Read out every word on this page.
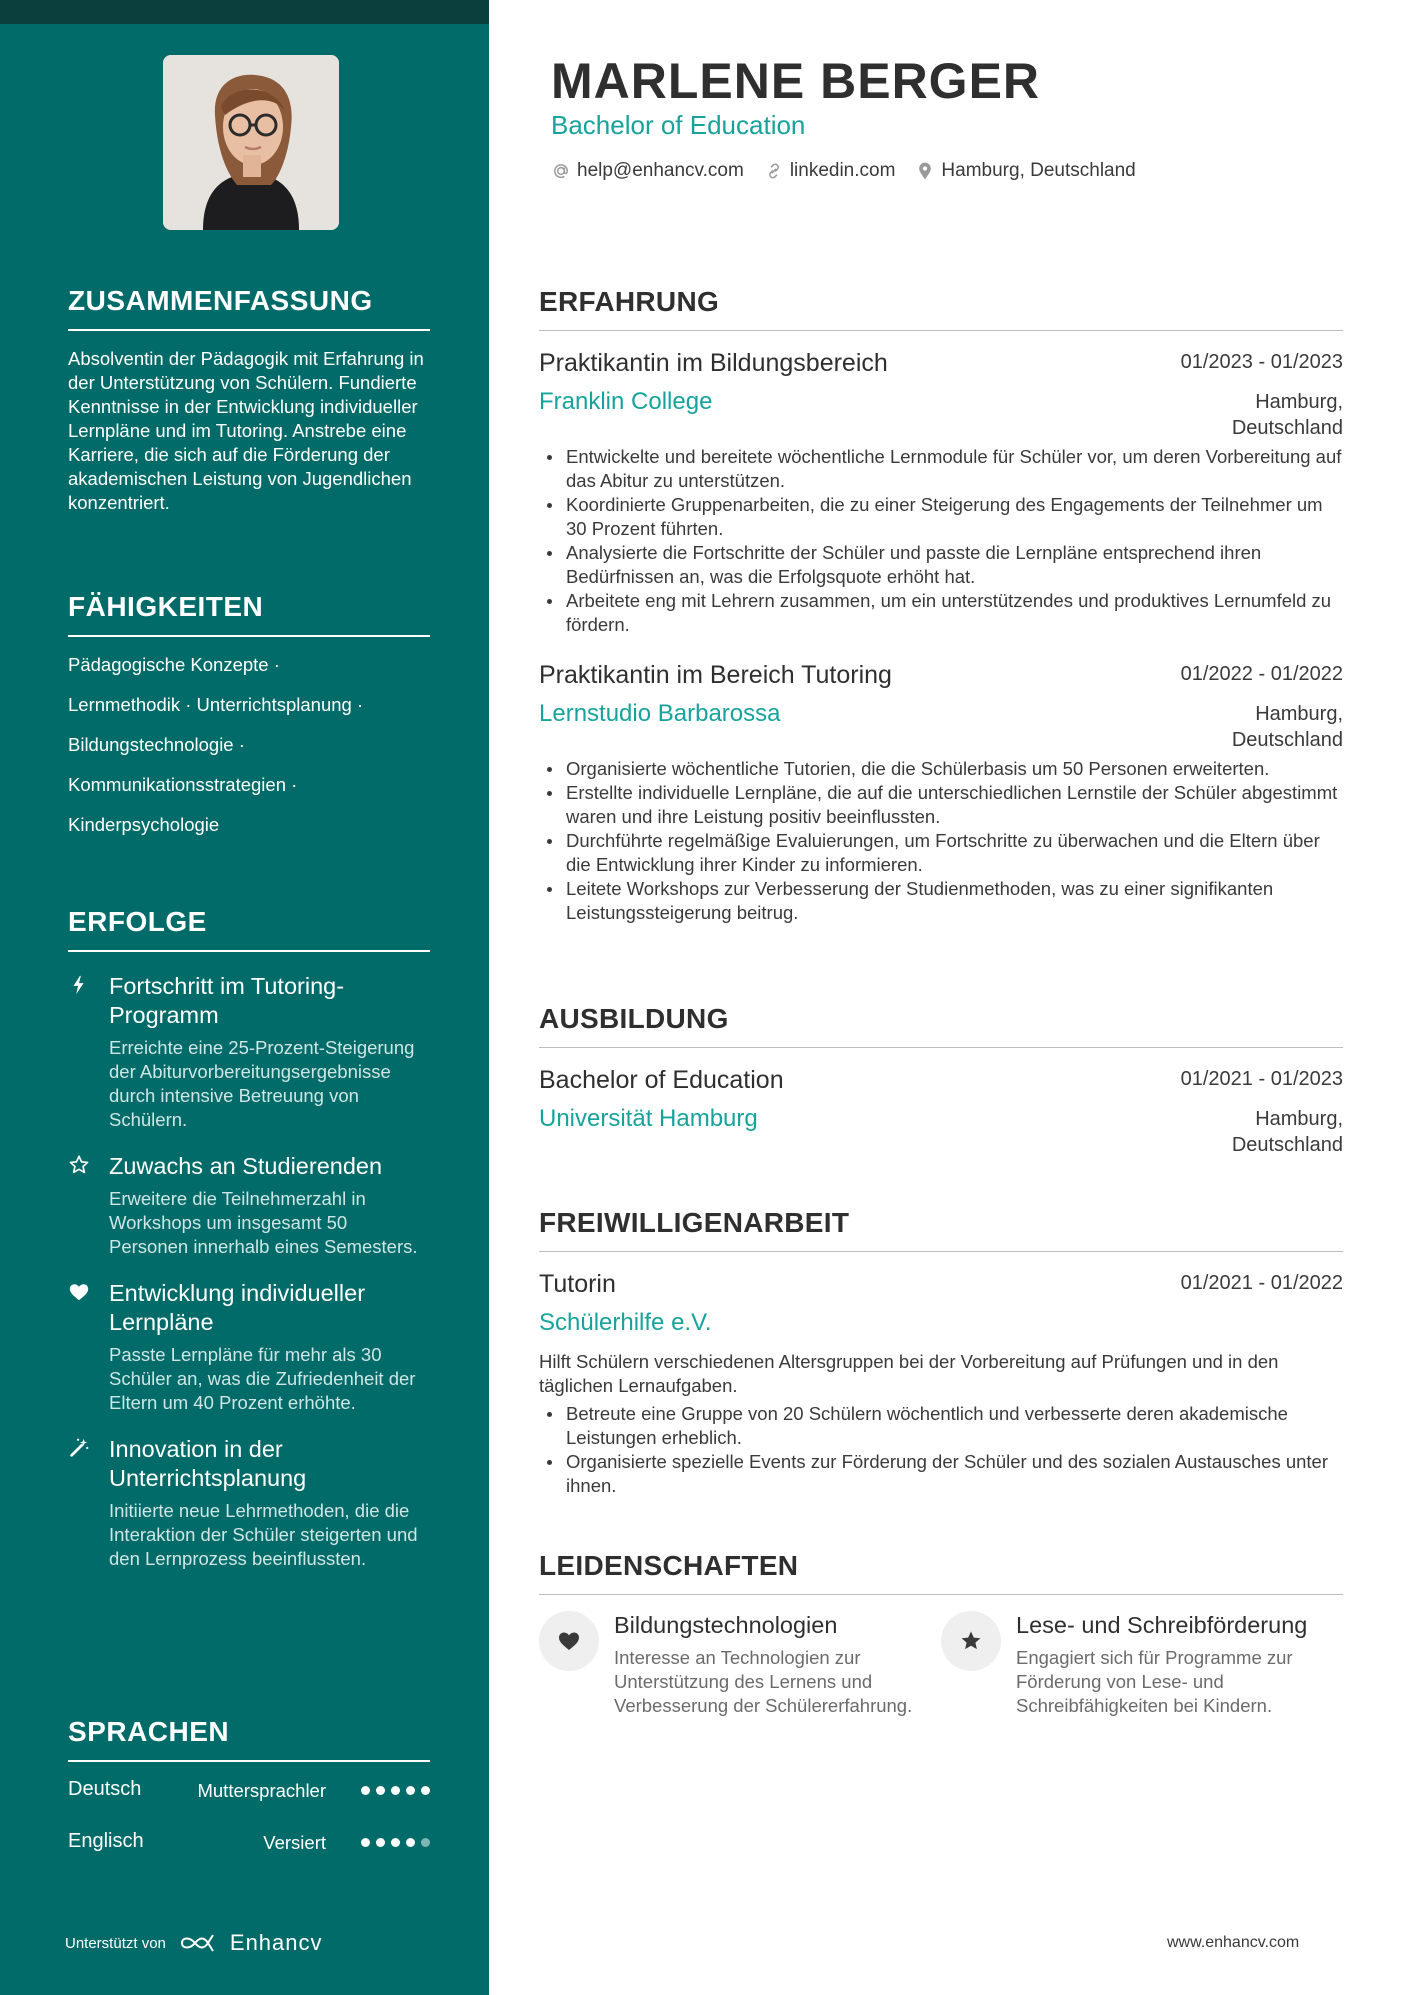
ZUSAMMENFASSUNG

Absolventin der Pädagogik mit Erfahrung in der Unterstützung von Schülern. Fundierte Kenntnisse in der Entwicklung individueller Lernpläne und im Tutoring. Anstrebe eine Karriere, die sich auf die Förderung der akademischen Leistung von Jugendlichen konzentriert.

FÄHIGKEITEN
Pädagogische Konzepte ·
Lernmethodik · Unterrichtsplanung ·
Bildungstechnologie ·
Kommunikationsstrategien ·
Kinderpsychologie
ERFOLGE
Fortschritt im Tutoring-Programm
Erreichte eine 25-Prozent-Steigerung der Abiturvorbereitungsergebnisse durch intensive Betreuung von Schülern.
Zuwachs an Studierenden
Erweitere die Teilnehmerzahl in Workshops um insgesamt 50 Personen innerhalb eines Semesters.
Entwicklung individueller Lernpläne
Passte Lernpläne für mehr als 30 Schüler an, was die Zufriedenheit der Eltern um 40 Prozent erhöhte.
Innovation in der Unterrichtsplanung
Initiierte neue Lehrmethoden, die die Interaktion der Schüler steigerten und den Lernprozess beeinflussten.
SPRACHEN
Deutsch	Muttersprachler
Englisch	Versiert
Unterstützt von	Enhancv
MARLENE BERGER
Bachelor of Education
help@enhancv.com linkedin.com Hamburg, Deutschland
ERFAHRUNG
Praktikantin im Bildungsbereich	01/2023 - 01/2023
Franklin College	Hamburg,
Deutschland
Entwickelte und bereitete wöchentliche Lernmodule für Schüler vor, um deren Vorbereitung auf das Abitur zu unterstützen.
Koordinierte Gruppenarbeiten, die zu einer Steigerung des Engagements der Teilnehmer um 30 Prozent führten.
Analysierte die Fortschritte der Schüler und passte die Lernpläne entsprechend ihren Bedürfnissen an, was die Erfolgsquote erhöht hat.
Arbeitete eng mit Lehrern zusammen, um ein unterstützendes und produktives Lernumfeld zu fördern.
Praktikantin im Bereich Tutoring	01/2022 - 01/2022
Lernstudio Barbarossa	Hamburg,
Deutschland
Organisierte wöchentliche Tutorien, die die Schülerbasis um 50 Personen erweiterten.
Erstellte individuelle Lernpläne, die auf die unterschiedlichen Lernstile der Schüler abgestimmt waren und ihre Leistung positiv beeinflussten.
Durchführte regelmäßige Evaluierungen, um Fortschritte zu überwachen und die Eltern über die Entwicklung ihrer Kinder zu informieren.
Leitete Workshops zur Verbesserung der Studienmethoden, was zu einer signifikanten Leistungssteigerung beitrug.
AUSBILDUNG
Bachelor of Education	01/2021 - 01/2023
Universität Hamburg	Hamburg,
Deutschland
FREIWILLIGENARBEIT
Tutorin	01/2021 - 01/2022
Schülerhilfe e.V.

Hilft Schülern verschiedenen Altersgruppen bei der Vorbereitung auf Prüfungen und in den täglichen Lernaufgaben.

Betreute eine Gruppe von 20 Schülern wöchentlich und verbesserte deren akademische Leistungen erheblich.
Organisierte spezielle Events zur Förderung der Schüler und des sozialen Austausches unter ihnen.
LEIDENSCHAFTEN
Bildungstechnologien
Interesse an Technologien zur Unterstützung des Lernens und Verbesserung der Schülererfahrung.
Lese- und Schreibförderung
Engagiert sich für Programme zur Förderung von Lese- und Schreibfähigkeiten bei Kindern.
www.enhancv.com
